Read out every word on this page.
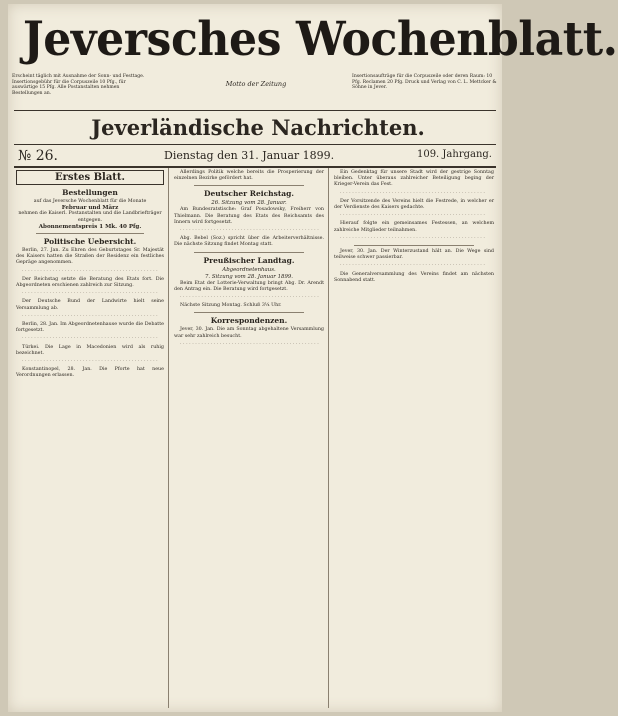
Jeversches Wochenblatt.
Erscheint täglich mit Ausnahme der Sonn- und Festtage. Insertionsgebühr für die Corpuszeile 10 Pfg., für auswärtige 15 Pfg. Alle Postanstalten nehmen Bestellungen an.
Motto der Zeitung
Insertionsaufträge für die Corpuszeile oder deren Raum: 10 Pfg. Reclamen 20 Pfg. Druck und Verlag von C. L. Mettcker & Söhne in Jever.
Jeverländische Nachrichten.
№ 26.	Dienstag den 31. Januar 1899.	109. Jahrgang.
Erstes Blatt.
Bestellungen
auf das Jeversche Wochenblatt für die Monate
Februar und März
nehmen die Kaiserl. Postanstalten und die Landbriefträger entgegen.
Abonnementspreis 1 Mk. 40 Pfg.
Politische Uebersicht.

Berlin, 27. Jan. Zu Ehren des Geburtstages Sr. Majestät des Kaisers hatten die Straßen der Residenz ein festliches Gepräge angenommen.

· · · · · · · · · · · · · · · · · · · · · · · · · · · · · · · · · · · · · · · · · · · · ·

Der Reichstag setzte die Beratung des Etats fort. Die Abgeordneten erschienen zahlreich zur Sitzung.

· · · · · · · · · · · · · · · · · · · · · · · · · · · · · · · · · · · · · · · · · · · · ·

Der Deutsche Bund der Landwirte hielt seine Versammlung ab.

· · · · · · · · · · · · · · · · · · · · · · · · · · · · · · · · · · · · · · · · · · · · ·

Berlin, 28. Jan. Im Abgeordnetenhause wurde die Debatte fortgesetzt.

· · · · · · · · · · · · · · · · · · · · · · · · · · · · · · · · · · · · · · · · · · · · ·

Türkei. Die Lage in Macedonien wird als ruhig bezeichnet.

· · · · · · · · · · · · · · · · · · · · · · · · · · · · · · · · · · · · · · · · · · · · ·

Konstantinopel, 28. Jan. Die Pforte hat neue Verordnungen erlassen.

Allerdings Politik welche bereits die Prosperierung der einzelnen Bezirke gefördert hat.

Deutscher Reichstag.
26. Sitzung vom 28. Januar.

Am Bundesratstische: Graf Posadowsky, Freiherr von Thielmann. Die Beratung des Etats des Reichsamts des Innern wird fortgesetzt.

· · · · · · · · · · · · · · · · · · · · · · · · · · · · · · · · · · · · · · · · · · · · · ·

Abg. Bebel (Soz.) spricht über die Arbeiterverhältnisse. Die nächste Sitzung findet Montag statt.

Preußischer Landtag.
Abgeordnetenhaus.
7. Sitzung vom 28. Januar 1899.

Beim Etat der Lotterie-Verwaltung bringt Abg. Dr. Arendt den Antrag ein. Die Beratung wird fortgesetzt.

· · · · · · · · · · · · · · · · · · · · · · · · · · · · · · · · · · · · · · · · · · · · · ·

Nächste Sitzung Montag. Schluß 3¼ Uhr.

Korrespondenzen.

Jever, 30. Jan. Die am Sonntag abgehaltene Versammlung war sehr zahlreich besucht.

· · · · · · · · · · · · · · · · · · · · · · · · · · · · · · · · · · · · · · · · · · · · · ·

Ein Gedenktag für unsere Stadt wird der gestrige Sonntag bleiben. Unter überaus zahlreicher Beteiligung beging der Krieger-Verein das Fest.

· · · · · · · · · · · · · · · · · · · · · · · · · · · · · · · · · · · · · · · · · · · · · · · ·

Der Vorsitzende des Vereins hielt die Festrede, in welcher er der Verdienste des Kaisers gedachte.

· · · · · · · · · · · · · · · · · · · · · · · · · · · · · · · · · · · · · · · · · · · · · · · ·

Hierauf folgte ein gemeinsames Festessen, an welchem zahlreiche Mitglieder teilnahmen.

· · · · · · · · · · · · · · · · · · · · · · · · · · · · · · · · · · · · · · · · · · · · · · · ·

Jever, 30. Jan. Der Winterzustand hält an. Die Wege sind teilweise schwer passierbar.

· · · · · · · · · · · · · · · · · · · · · · · · · · · · · · · · · · · · · · · · · · · · · · · ·

Die Generalversammlung des Vereins findet am nächsten Sonnabend statt.
